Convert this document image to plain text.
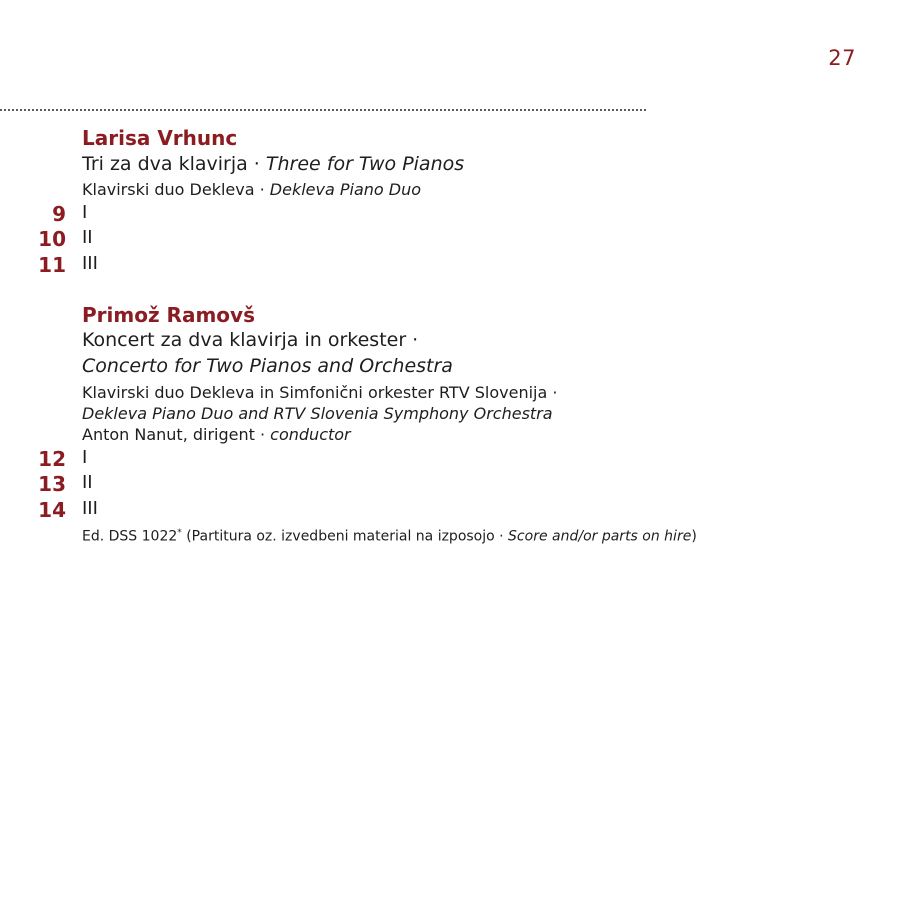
27
Larisa Vrhunc
Tri za dva klavirja · Three for Two Pianos
Klavirski duo Dekleva · Dekleva Piano Duo
9 I
10 II
11 III
Primož Ramovš
Koncert za dva klavirja in orkester ·
Concerto for Two Pianos and Orchestra
Klavirski duo Dekleva in Simfonični orkester RTV Slovenija ·
Dekleva Piano Duo and RTV Slovenia Symphony Orchestra
Anton Nanut, dirigent · conductor
12 I
13 II
14 III
Ed. DSS 1022* (Partitura oz. izvedbeni material na izposojo · Score and/or parts on hire)
